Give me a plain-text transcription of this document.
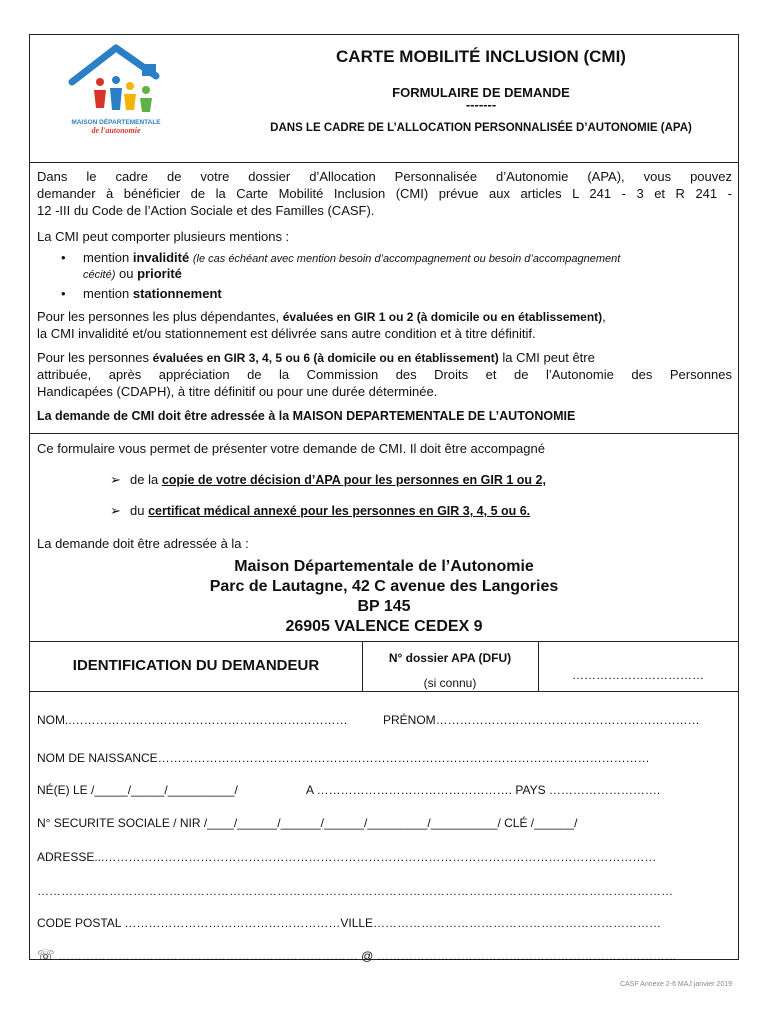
MAISON DÉPARTEMENTALE
de l'autonomie
CARTE MOBILITÉ INCLUSION (CMI)
FORMULAIRE DE DEMANDE
-------
DANS LE CADRE DE L’ALLOCATION PERSONNALISÉE D’AUTONOMIE (APA)
Dans le cadre de votre dossier d’Allocation Personnalisée d’Autonomie (APA), vous pouvez
demander à bénéficier de la Carte Mobilité Inclusion (CMI) prévue aux articles L 241 - 3 et R 241 -
12 -III du Code de l’Action Sociale et des Familles (CASF).
La CMI peut comporter plusieurs mentions :
• mention invalidité (le cas échéant avec mention besoin d’accompagnement ou besoin d’accompagnement
cécité) ou priorité
• mention stationnement
Pour les personnes les plus dépendantes, évaluées en GIR 1 ou 2 (à domicile ou en établissement),
la CMI invalidité et/ou stationnement est délivrée sans autre condition et à titre définitif.
Pour les personnes évaluées en GIR 3, 4, 5 ou 6 (à domicile ou en établissement) la CMI peut être
attribuée, après appréciation de la Commission des Droits et de l’Autonomie des Personnes
Handicapées (CDAPH), à titre définitif ou pour une durée déterminée.
La demande de CMI doit être adressée à la MAISON DEPARTEMENTALE DE L’AUTONOMIE
Ce formulaire vous permet de présenter votre demande de CMI. Il doit être accompagné
➢ de la copie de votre décision d’APA pour les personnes en GIR 1 ou 2,
➢ du certificat médical annexé pour les personnes en GIR 3, 4, 5 ou 6.
La demande doit être adressée à la :
Maison Départementale de l’Autonomie
Parc de Lautagne, 42 C avenue des Langories
BP 145
26905 VALENCE CEDEX 9
IDENTIFICATION DU DEMANDEUR	N° dossier APA (DFU)
(si connu)
……………………………
NOM..……………………………………………………………	PRÉNOM…………………………………………………………
NOM DE NAISSANCE……………………………………………………………………………………………………………
NÉ(E) LE /_____/_____/__________/	A …………………………………………. PAYS ……………………….
N° SECURITE SOCIALE / NIR /____/______/______/______/_________/__________/ CLÉ /______/
ADRESSE...…………………………………………………………………………………………………………………………
……………………………………………………………………………………………………………………………………………
CODE POSTAL ………………………………………………VILLE………………………………………………………………
☏ ………………………………………………………………… @ …………………………………………………………………
CASF Annexe 2-6 MAJ janvier 2019
